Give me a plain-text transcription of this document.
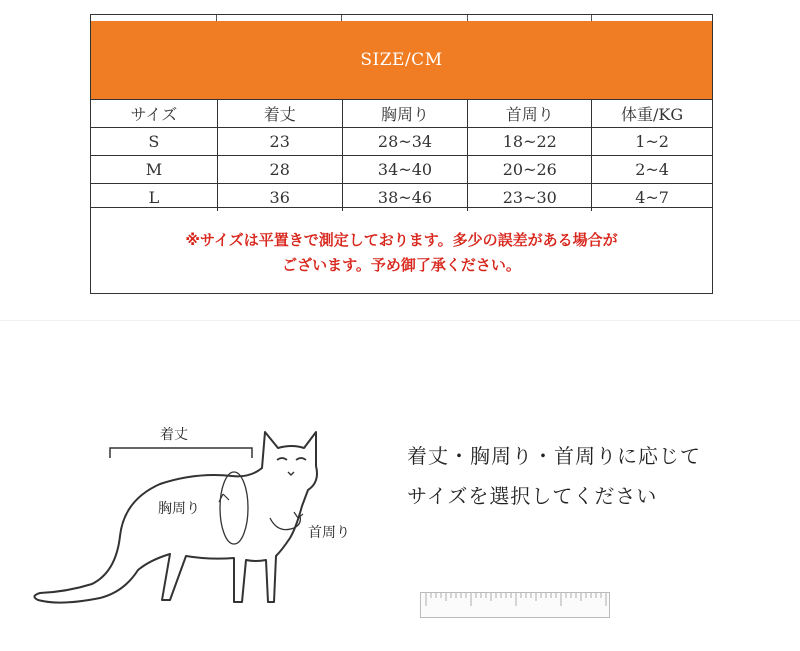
SIZE/CM
サイズ	着丈	胸周り	首周り	体重/KG
S	23	28~34	18~22	1~2
M	28	34~40	20~26	2~4
L	36	38~46	23~30	4~7
※サイズは平置きで測定しております。多少の誤差がある場合が
ございます。予め御了承ください。
着丈
胸周り
首周り
着丈・胸周り・首周りに応じて
サイズを選択してください
